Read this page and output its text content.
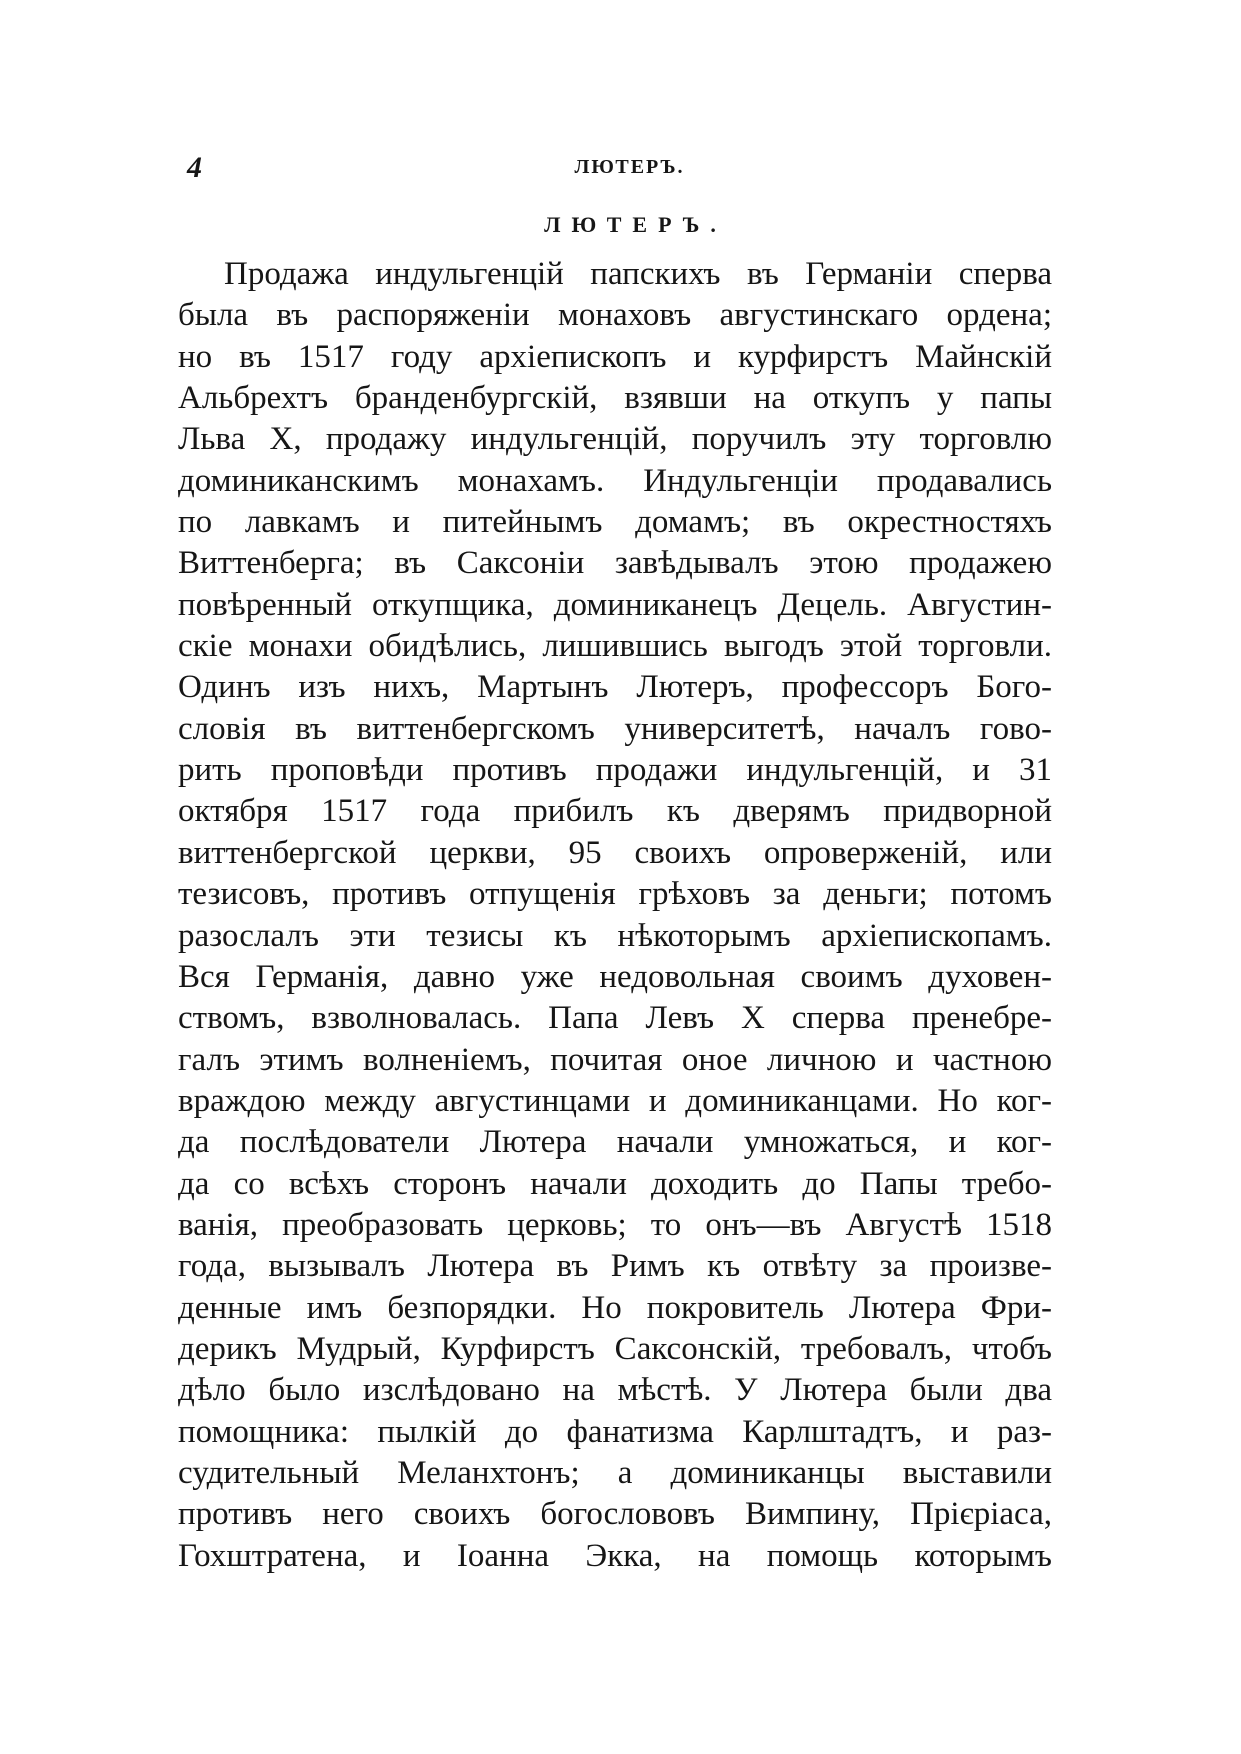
4	ЛЮТЕРЪ.
ЛЮТЕРЪ.
Продажа индульгенцій папскихъ въ Германіи сперва
была въ распоряженіи монаховъ августинскаго ордена;
но въ 1517 году архіепископъ и курфирстъ Майнскій
Альбрехтъ бранденбургскій, взявши на откупъ у папы
Льва X, продажу индульгенцій, поручилъ эту торговлю
доминиканскимъ монахамъ. Индульгенціи продавались
по лавкамъ и питейнымъ домамъ; въ окрестностяхъ
Виттенберга; въ Саксоніи завѣдывалъ этою продажею
повѣренный откупщика, доминиканецъ Децель. Августин-
скіе монахи обидѣлись, лишившись выгодъ этой торговли.
Одинъ изъ нихъ, Мартынъ Лютеръ, профессоръ Бого-
словія въ виттенбергскомъ университетѣ, началъ гово-
рить проповѣди противъ продажи индульгенцій, и 31
октября 1517 года прибилъ къ дверямъ придворной
виттенбергской церкви, 95 своихъ опроверженій, или
тезисовъ, противъ отпущенія грѣховъ за деньги; потомъ
разослалъ эти тезисы къ нѣкоторымъ архіепископамъ.
Вся Германія, давно уже недовольная своимъ духовен-
ствомъ, взволновалась. Папа Левъ X сперва пренебре-
галъ этимъ волненіемъ, почитая оное личною и частною
враждою между августинцами и доминиканцами. Но ког-
да послѣдователи Лютера начали умножаться, и ког-
да со всѣхъ сторонъ начали доходить до Папы требо-
ванія, преобразовать церковь; то онъ—въ Августѣ 1518
года, вызывалъ Лютера въ Римъ къ отвѣту за произве-
денные имъ безпорядки. Но покровитель Лютера Фри-
дерикъ Мудрый, Курфирстъ Саксонскій, требовалъ, чтобъ
дѣло было изслѣдовано на мѣстѣ. У Лютера были два
помощника: пылкій до фанатизма Карлштадтъ, и раз-
судительный Меланхтонъ; а доминиканцы выставили
противъ него своихъ богослововъ Вимпину, Прієріаса,
Гохштратена, и Іоанна Экка, на помощь которымъ
